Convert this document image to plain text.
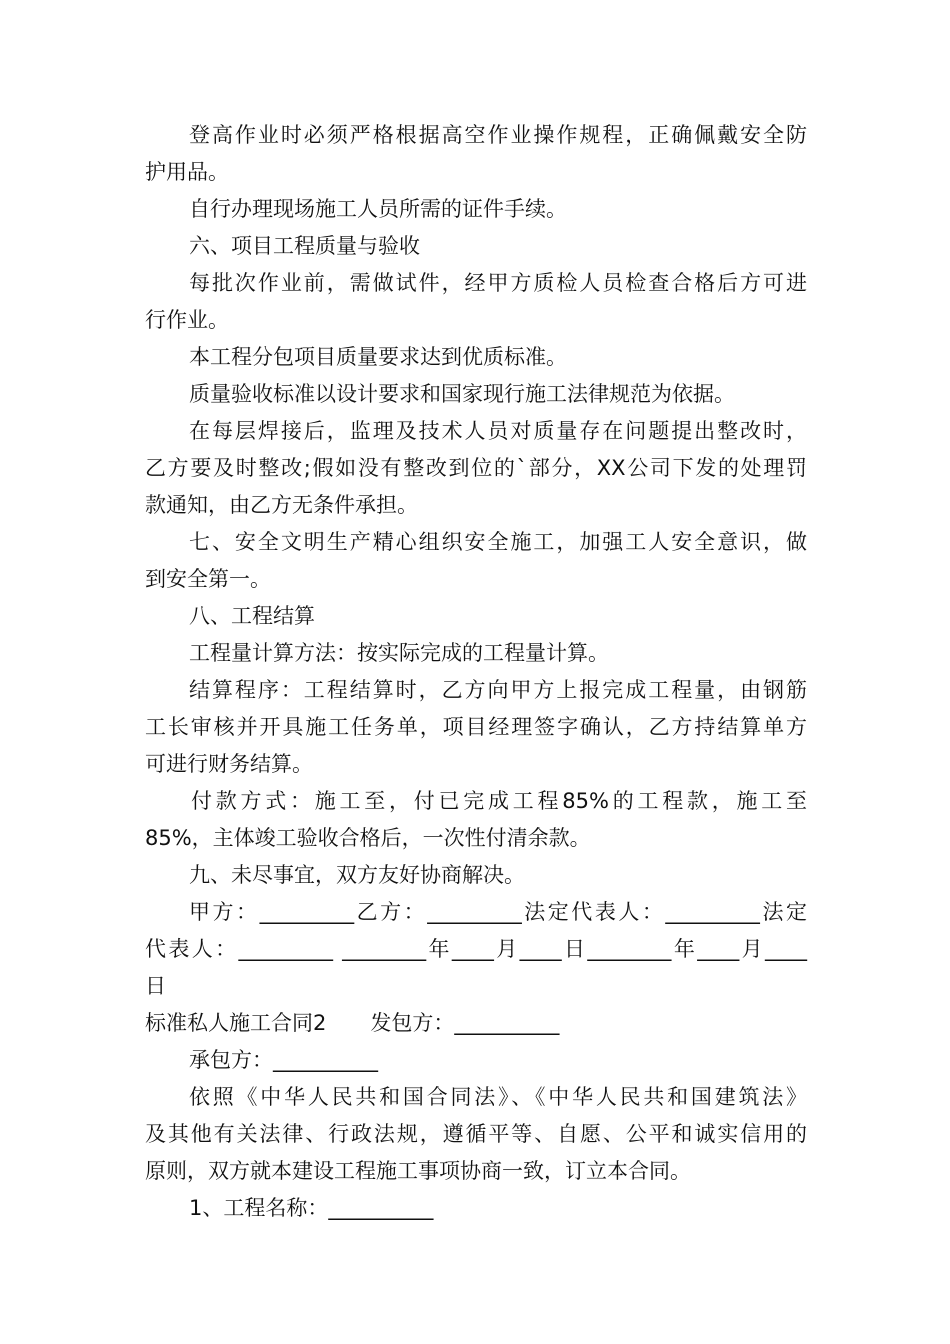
登高作业时必须严格根据高空作业操作规程，正确佩戴安全防
护用品。
自行办理现场施工人员所需的证件手续。
六、项目工程质量与验收
每批次作业前，需做试件，经甲方质检人员检查合格后方可进
行作业。
本工程分包项目质量要求达到优质标准。
质量验收标准以设计要求和国家现行施工法律规范为依据。
在每层焊接后，监理及技术人员对质量存在问题提出整改时，
乙方要及时整改;假如没有整改到位的`部分，XX公司下发的处理罚
款通知，由乙方无条件承担。
七、安全文明生产精心组织安全施工，加强工人安全意识，做
到安全第一。
八、工程结算
工程量计算方法：按实际完成的工程量计算。
结算程序：工程结算时，乙方向甲方上报完成工程量，由钢筋
工长审核并开具施工任务单，项目经理签字确认，乙方持结算单方
可进行财务结算。
付款方式：施工至，付已完成工程85%的工程款，施工至
85%，主体竣工验收合格后，一次性付清余款。
九、未尽事宜，双方友好协商解决。
甲方：_________乙方：_________法定代表人：_________法定
代表人：_________ ________年____月____日________年____月____
日
标准私人施工合同2 发包方：__________
承包方：__________
依照《中华人民共和国合同法》、《中华人民共和国建筑法》
及其他有关法律、行政法规，遵循平等、自愿、公平和诚实信用的
原则，双方就本建设工程施工事项协商一致，订立本合同。
1、工程名称：__________
